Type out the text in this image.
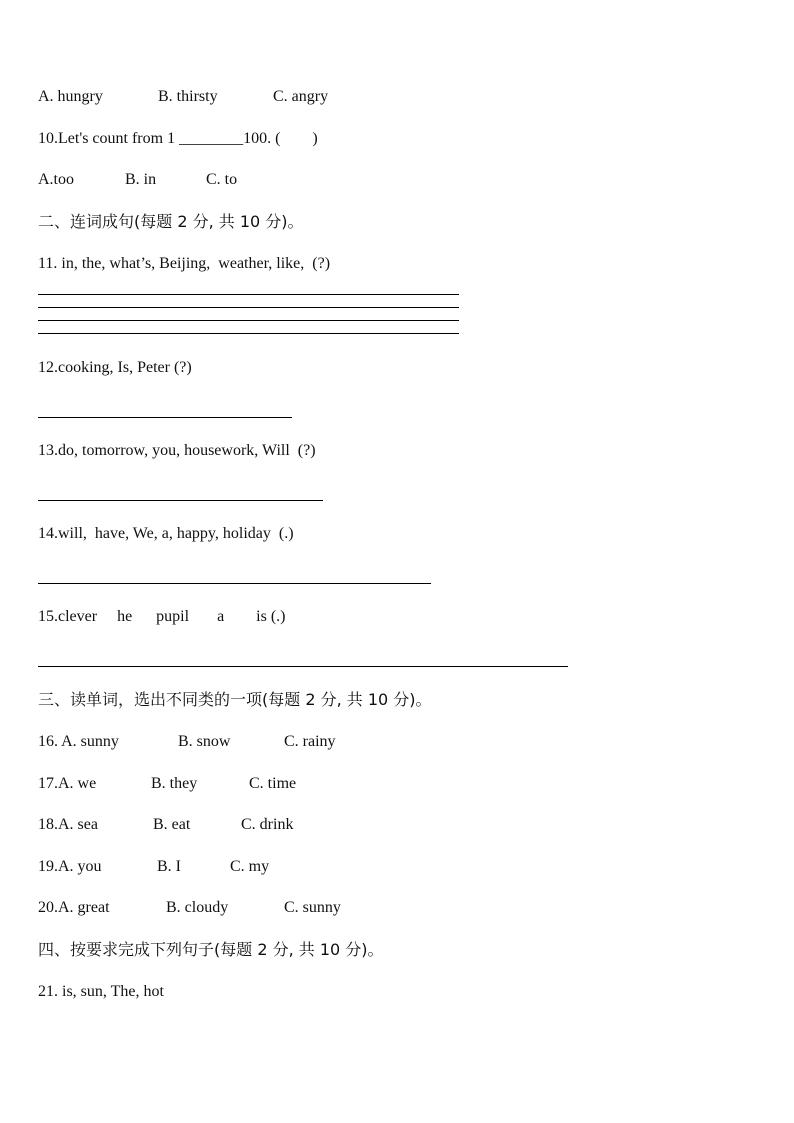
A. hungry	B. thirsty	C. angry
10.Let's count from 1 ________100. (        )
A.too	B. in	C. to
二、连词成句(每题 2 分, 共 10 分)。
11. in, the, what’s, Beijing,  weather, like,  (?)
12.cooking, Is, Peter (?)
13.do, tomorrow, you, housework, Will  (?)
14.will,  have, We, a, happy, holiday  (.)
15.clever     he      pupil       a        is (.)
三、读单词，选出不同类的一项(每题 2 分, 共 10 分)。
16. A. sunny	B. snow	C. rainy
17.A. we	B. they	C. time
18.A. sea	B. eat	C. drink
19.A. you	B. I	C. my
20.A. great	B. cloudy	C. sunny
四、按要求完成下列句子(每题 2 分, 共 10 分)。
21. is, sun, The, hot
